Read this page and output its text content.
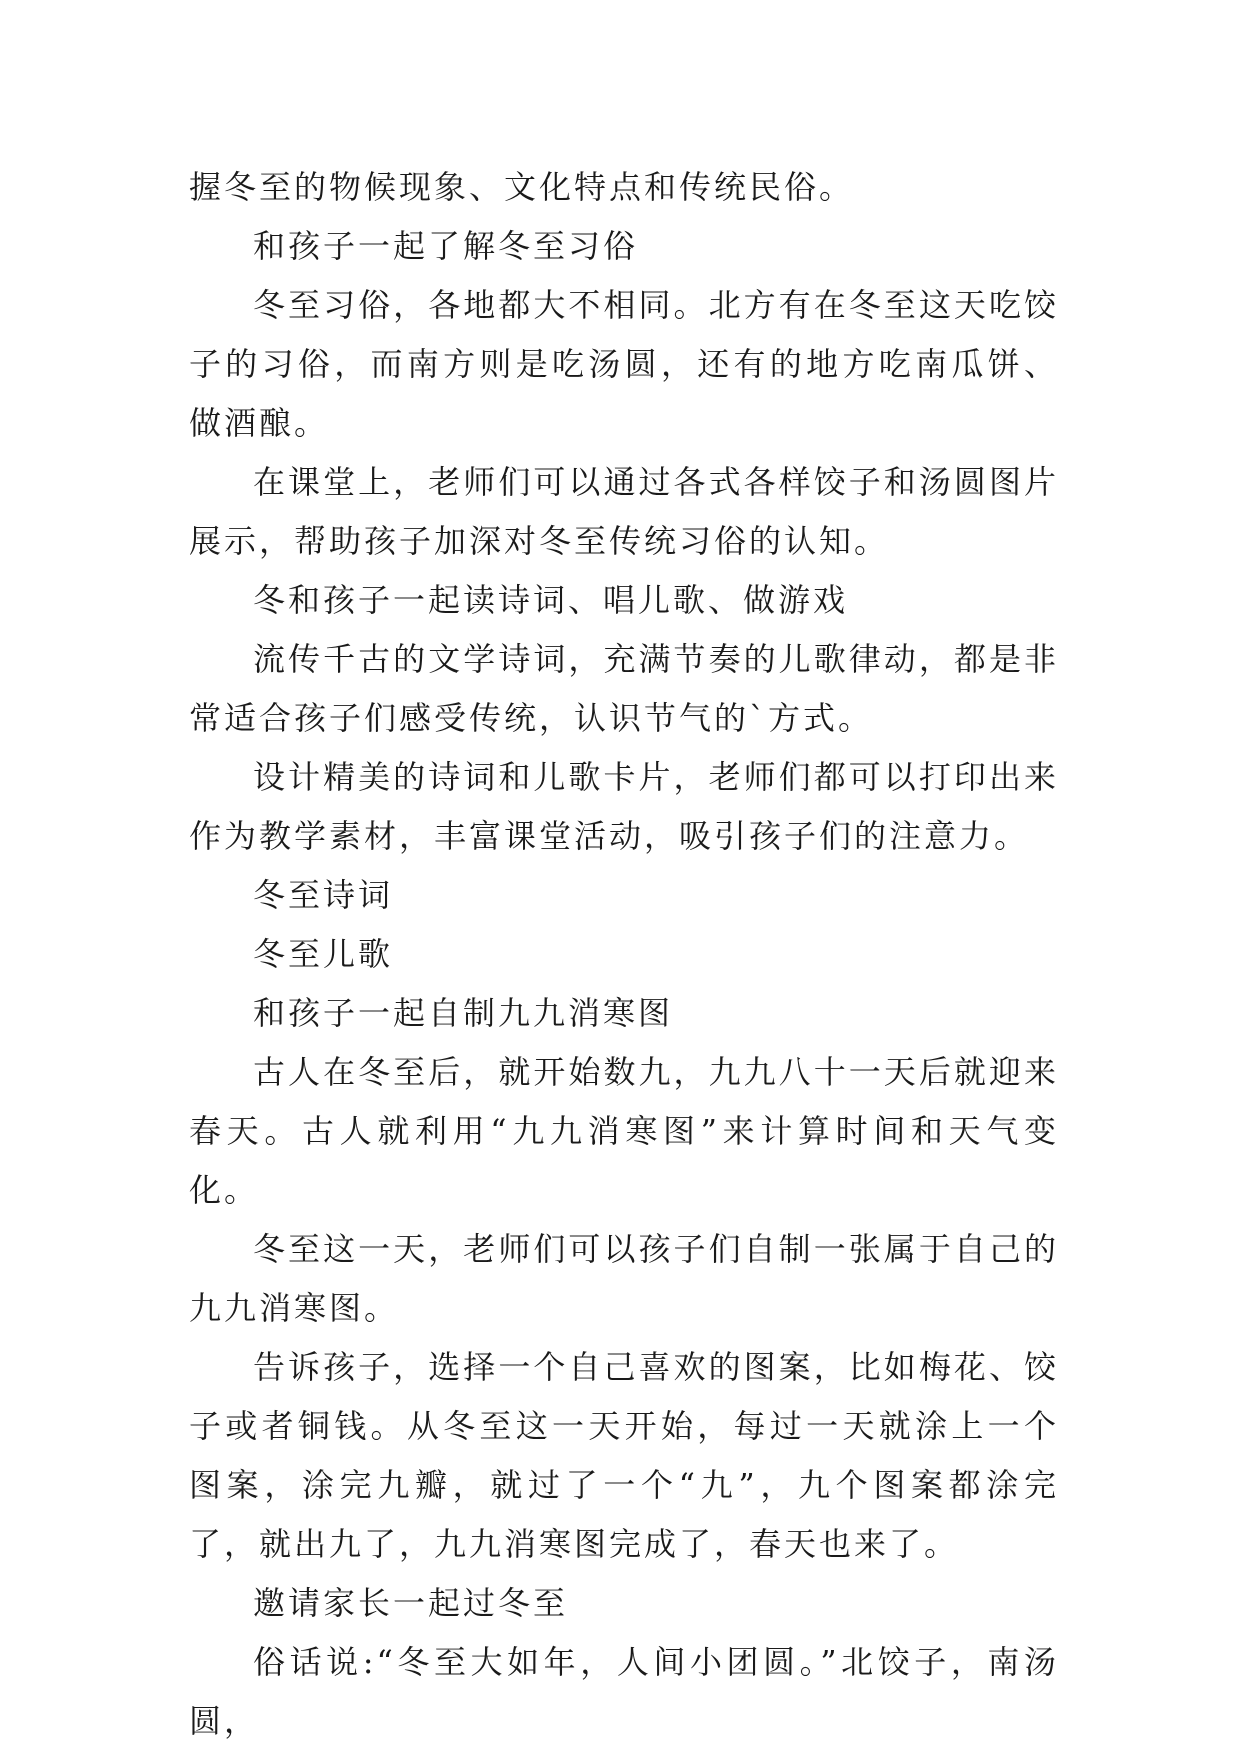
握冬至的物候现象、文化特点和传统民俗。

和孩子一起了解冬至习俗

冬至习俗，各地都大不相同。北方有在冬至这天吃饺子的习俗，而南方则是吃汤圆，还有的地方吃南瓜饼、做酒酿。

在课堂上，老师们可以通过各式各样饺子和汤圆图片展示，帮助孩子加深对冬至传统习俗的认知。

冬和孩子一起读诗词、唱儿歌、做游戏

流传千古的文学诗词，充满节奏的儿歌律动，都是非常适合孩子们感受传统，认识节气的`方式。

设计精美的诗词和儿歌卡片，老师们都可以打印出来作为教学素材，丰富课堂活动，吸引孩子们的注意力。

冬至诗词

冬至儿歌

和孩子一起自制九九消寒图

古人在冬至后，就开始数九，九九八十一天后就迎来春天。古人就利用“九九消寒图”来计算时间和天气变化。

冬至这一天，老师们可以孩子们自制一张属于自己的九九消寒图。

告诉孩子，选择一个自己喜欢的图案，比如梅花、饺子或者铜钱。从冬至这一天开始，每过一天就涂上一个图案，涂完九瓣，就过了一个“九”，九个图案都涂完了，就出九了，九九消寒图完成了，春天也来了。

邀请家长一起过冬至

俗话说:“冬至大如年，人间小团圆。”北饺子，南汤圆，
